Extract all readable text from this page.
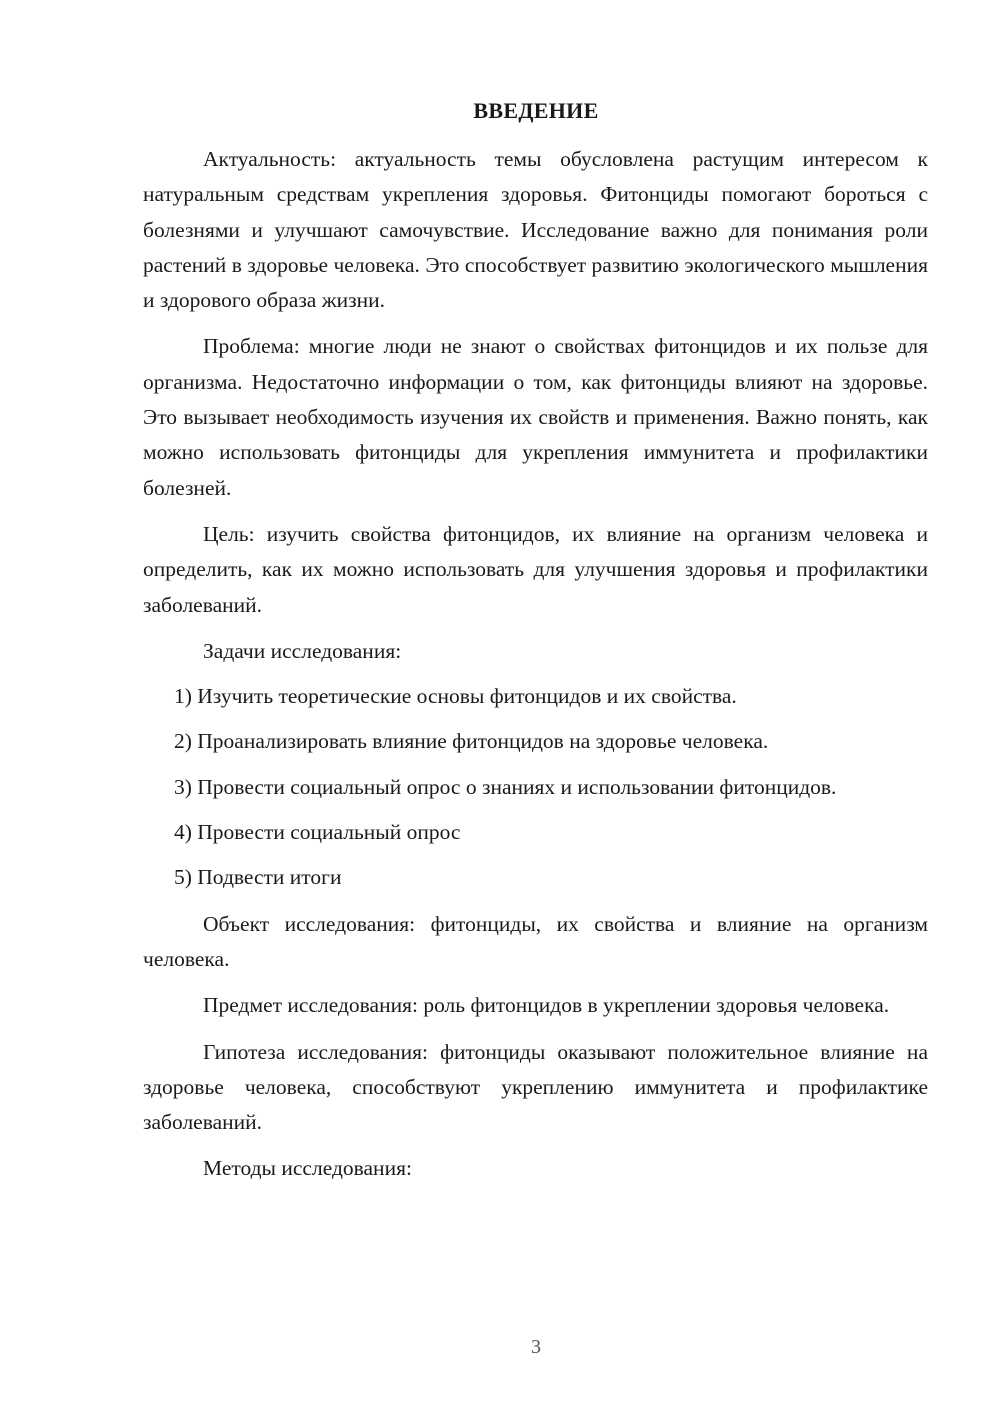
ВВЕДЕНИЕ

Актуальность: актуальность темы обусловлена растущим интересом к натуральным средствам укрепления здоровья. Фитонциды помогают бороться с болезнями и улучшают самочувствие. Исследование важно для понимания роли растений в здоровье человека. Это способствует развитию экологического мышления и здорового образа жизни.

Проблема: многие люди не знают о свойствах фитонцидов и их пользе для организма. Недостаточно информации о том, как фитонциды влияют на здоровье. Это вызывает необходимость изучения их свойств и применения. Важно понять, как можно использовать фитонциды для укрепления иммунитета и профилактики болезней.

Цель: изучить свойства фитонцидов, их влияние на организм человека и определить, как их можно использовать для улучшения здоровья и профилактики заболеваний.

Задачи исследования:

1) Изучить теоретические основы фитонцидов и их свойства.

2) Проанализировать влияние фитонцидов на здоровье человека.

3) Провести социальный опрос о знаниях и использовании фитонцидов.

4) Провести социальный опрос

5) Подвести итоги

Объект исследования: фитонциды, их свойства и влияние на организм человека.

Предмет исследования: роль фитонцидов в укреплении здоровья человека.

Гипотеза исследования: фитонциды оказывают положительное влияние на здоровье человека, способствуют укреплению иммунитета и профилактике заболеваний.

Методы исследования:

3
